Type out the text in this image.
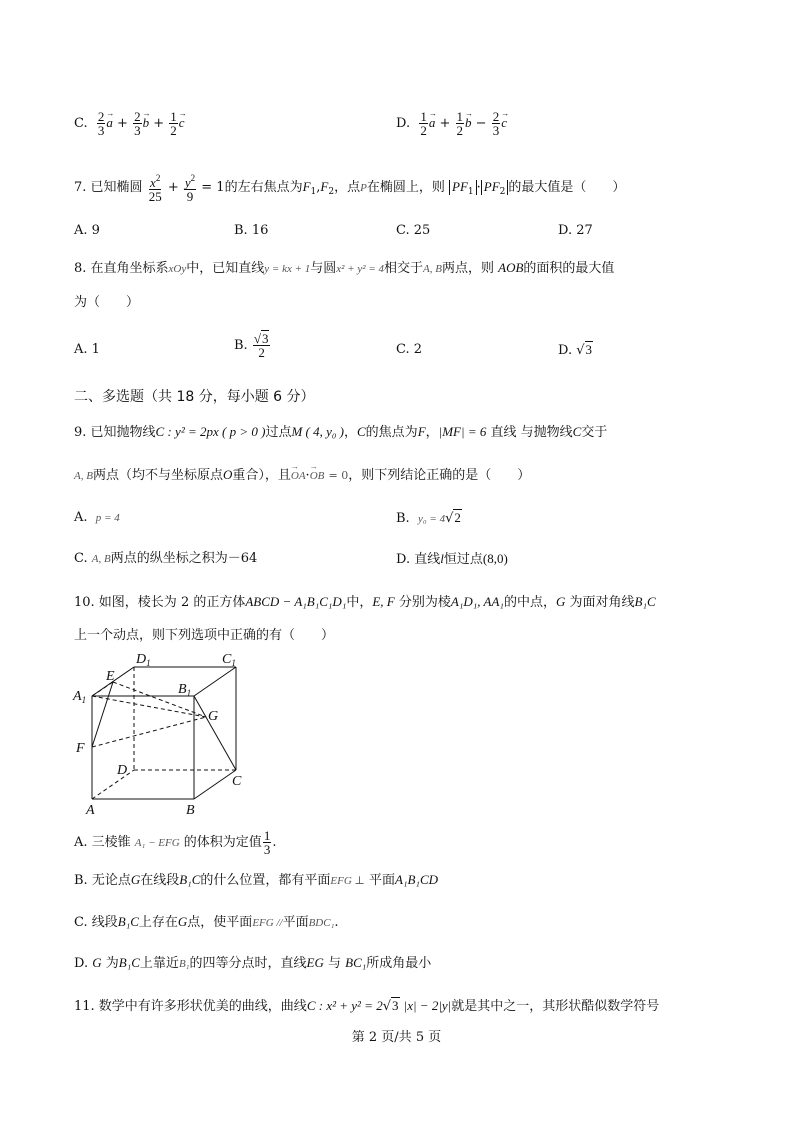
C. $\frac{2}{3}$
→ $a + \frac{2}{3}$
→ $b + \frac{1}{2}$
→ c	D. $\frac{1}{2}$
→ $a + \frac{1}{2}$
→ $b - \frac{2}{3}$
→ c
7. 已知椭圆 $\frac{x^2}{25} + \frac{y^2}{9} = 1$的左右焦点为$F_1,F_2$，点P在椭圆上，则 $PF_1 \cdot PF_2$ 的最大值是（　　）
A. 9	B. 16	C. 25	D. 27
8. 在直角坐标系xOy中，已知直线y = kx + 1与圆x² + y² = 4相交于A, B两点，则 AOB的面积的最大值
为（　　）
A. 1	B. $\frac{√3}{2}$	C. 2	D. √3
二、多选题（共 18 分，每小题 6 分）
9. 已知抛物线C : y² = 2px ( p > 0 )过点M ( 4, y₀ )，C的焦点为F，|MF| = 6 直线 与抛物线C交于
A, B两点（均不与坐标原点O重合），且→ OA·→ OB = 0，则下列结论正确的是（　　）
A. p = 4	B. y₀ = 4√2
C. A, B两点的纵坐标之积为－64	D. 直线l恒过点(8,0)
10. 如图，棱长为 2 的正方体ABCD − A₁B₁C₁D₁中，E, F 分别为棱A₁D₁, AA₁的中点，G 为面对角线B₁C
上一个动点，则下列选项中正确的有（　　）
$D_1$	$C_1$
$A_1$
E
$B_1$
G
F
D
C
A	B
A. 三棱锥 A₁ − EFG 的体积为定值 $\frac{1}{3}$ .
B. 无论点G在线段B₁C的什么位置，都有平面EFG ⊥ 平面A₁B₁CD
C. 线段B₁C上存在G点，使平面EFG //平面BDC₁.
D. G 为B₁C上靠近B₁的四等分点时，直线EG 与 BC₁所成角最小
11. 数学中有许多形状优美的曲线，曲线C : x² + y² = 2√3 |x| − 2|y|就是其中之一，其形状酷似数学符号
第 2 页/共 5 页
